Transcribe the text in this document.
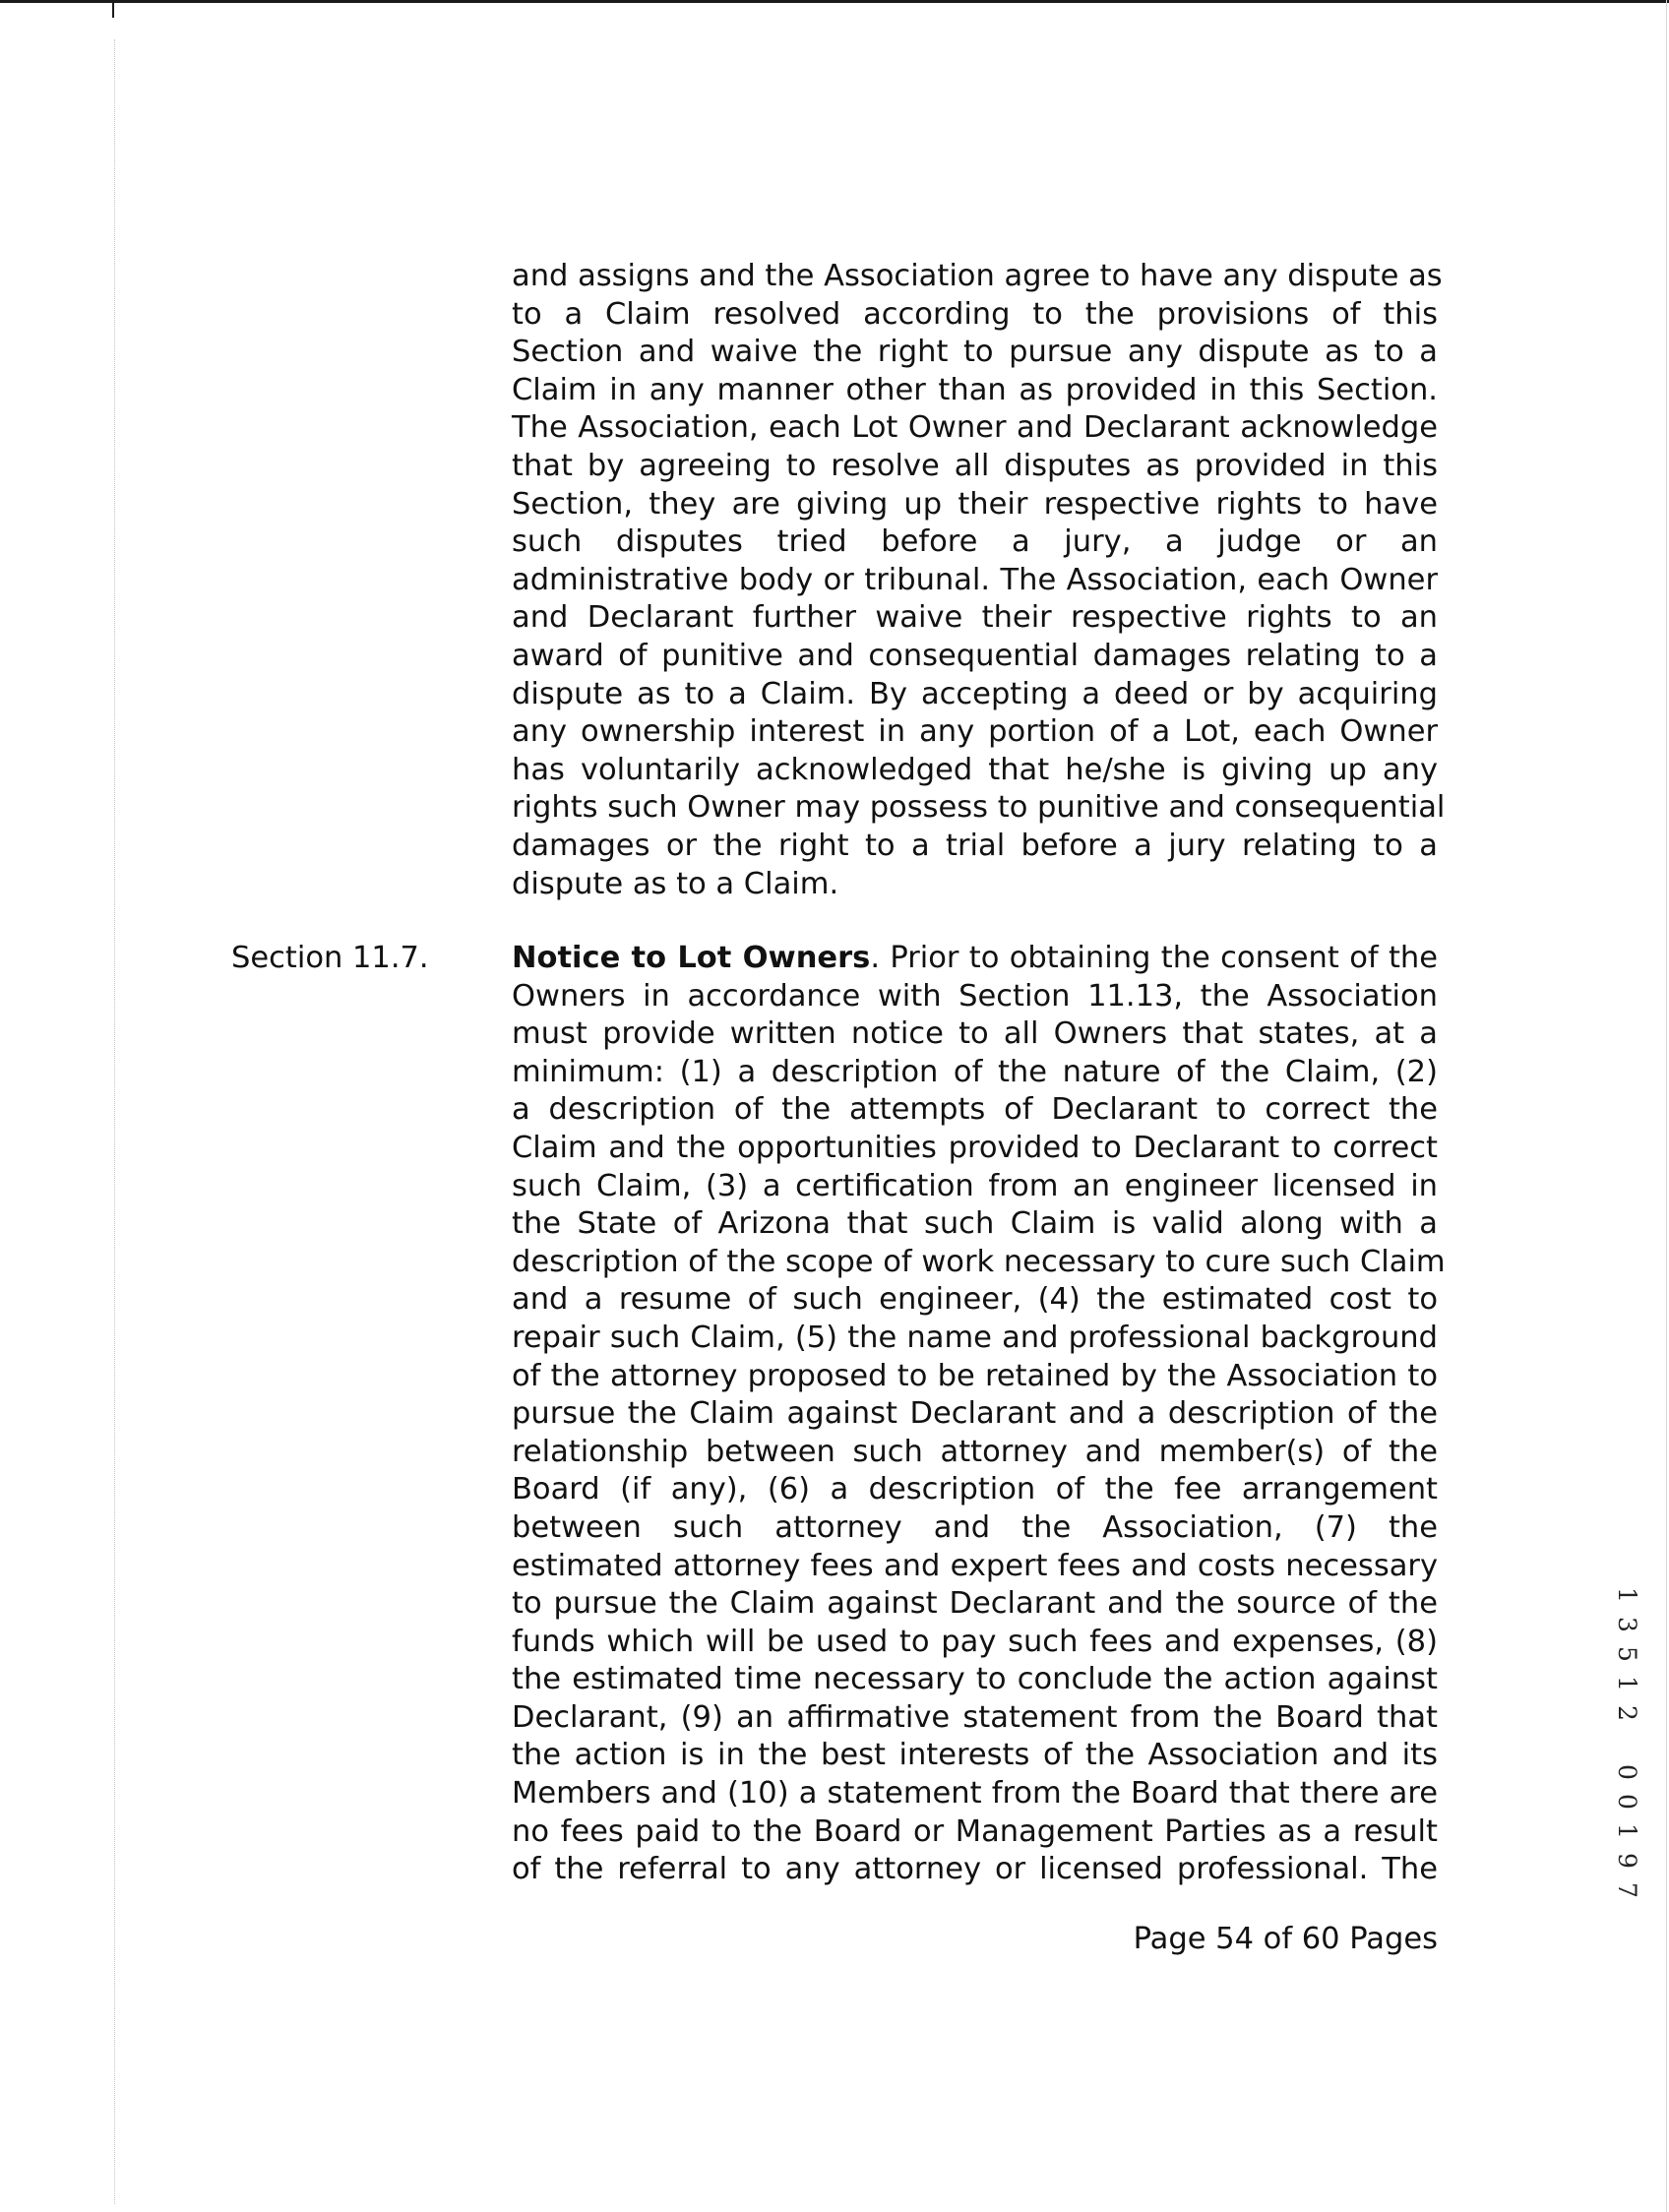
and assigns and the Association agree to have any dispute as
to a Claim resolved according to the provisions of this
Section and waive the right to pursue any dispute as to a
Claim in any manner other than as provided in this Section.
The Association, each Lot Owner and Declarant acknowledge
that by agreeing to resolve all disputes as provided in this
Section, they are giving up their respective rights to have
such disputes tried before a jury, a judge or an
administrative body or tribunal. The Association, each Owner
and Declarant further waive their respective rights to an
award of punitive and consequential damages relating to a
dispute as to a Claim. By accepting a deed or by acquiring
any ownership interest in any portion of a Lot, each Owner
has voluntarily acknowledged that he/she is giving up any
rights such Owner may possess to punitive and consequential
damages or the right to a trial before a jury relating to a
dispute as to a Claim.
Section 11.7.	Notice to Lot Owners. Prior to obtaining the consent of the
Owners in accordance with Section 11.13, the Association
must provide written notice to all Owners that states, at a
minimum: (1) a description of the nature of the Claim, (2)
a description of the attempts of Declarant to correct the
Claim and the opportunities provided to Declarant to correct
such Claim, (3) a certification from an engineer licensed in
the State of Arizona that such Claim is valid along with a
description of the scope of work necessary to cure such Claim
and a resume of such engineer, (4) the estimated cost to
repair such Claim, (5) the name and professional background
of the attorney proposed to be retained by the Association to
pursue the Claim against Declarant and a description of the
relationship between such attorney and member(s) of the
Board (if any), (6) a description of the fee arrangement
between such attorney and the Association, (7) the
estimated attorney fees and expert fees and costs necessary
to pursue the Claim against Declarant and the source of the
funds which will be used to pay such fees and expenses, (8)
the estimated time necessary to conclude the action against
Declarant, (9) an affirmative statement from the Board that
the action is in the best interests of the Association and its
Members and (10) a statement from the Board that there are
no fees paid to the Board or Management Parties as a result
of the referral to any attorney or licensed professional. The
Page 54 of 60 Pages
1
3
5
1
2

0
0
1
9
7
